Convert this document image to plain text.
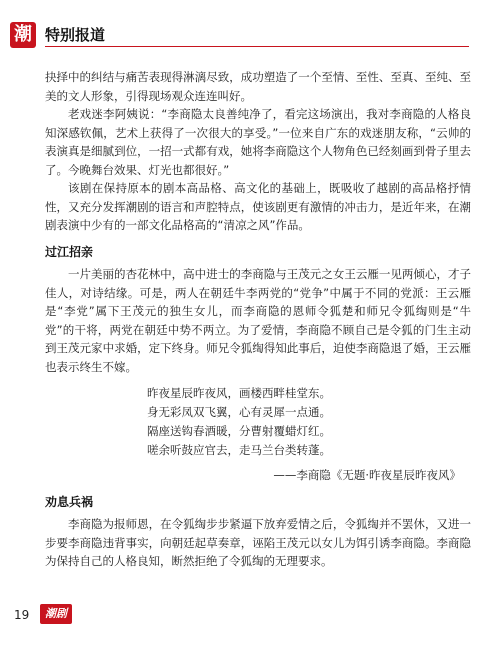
潮 特别报道

抉择中的纠结与痛苦表现得淋漓尽致，成功塑造了一个至情、至性、至真、至纯、至美的文人形象，引得现场观众连连叫好。

老戏迷李阿姨说：“李商隐太良善纯净了，看完这场演出，我对李商隐的人格良知深感钦佩，艺术上获得了一次很大的享受。”一位来自广东的戏迷朋友称，“云帅的表演真是细腻到位，一招一式都有戏，她将李商隐这个人物角色已经刻画到骨子里去了。今晚舞台效果、灯光也都很好。”

该剧在保持原本的剧本高品格、高文化的基础上，既吸收了越剧的高品格抒情性，又充分发挥潮剧的语言和声腔特点，使该剧更有激情的冲击力，是近年来，在潮剧表演中少有的一部文化品格高的“清凉之风”作品。

过江招亲

一片美丽的杏花林中，高中进士的李商隐与王茂元之女王云雁一见两倾心，才子佳人，对诗结缘。可是，两人在朝廷牛李两党的“党争”中属于不同的党派：王云雁是“李党”属下王茂元的独生女儿，而李商隐的恩师令狐楚和师兄令狐绹则是“牛党”的干将，两党在朝廷中势不两立。为了爱情，李商隐不顾自己是令狐的门生主动到王茂元家中求婚，定下终身。师兄令狐绹得知此事后，迫使李商隐退了婚，王云雁也表示终生不嫁。

昨夜星辰昨夜风，画楼西畔桂堂东。
身无彩凤双飞翼，心有灵犀一点通。
隔座送钩春酒暖，分曹射覆蜡灯红。
嗟余听鼓应官去，走马兰台类转蓬。
——李商隐《无题·昨夜星辰昨夜风》
劝息兵祸

李商隐为报师恩，在令狐绹步步紧逼下放弃爱情之后，令狐绹并不罢休，又进一步要李商隐违背事实，向朝廷起草奏章，诬陷王茂元以女儿为饵引诱李商隐。李商隐为保持自己的人格良知，断然拒绝了令狐绹的无理要求。

19	潮剧
